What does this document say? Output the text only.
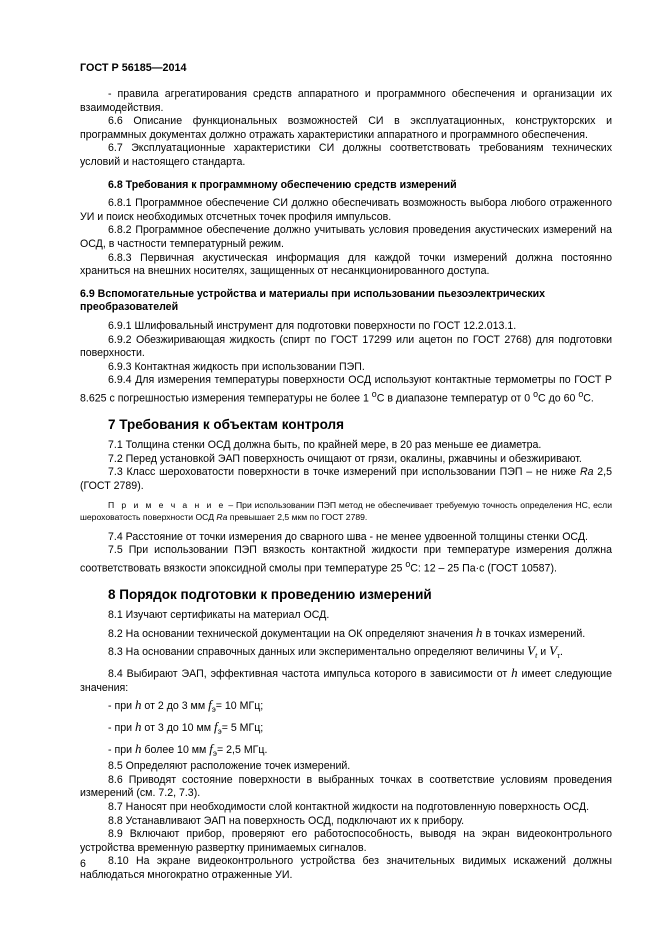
ГОСТ Р 56185—2014

- правила агрегатирования средств аппаратного и программного обеспечения и организации их взаимодействия.

6.6 Описание функциональных возможностей СИ в эксплуатационных, конструкторских и программных документах должно отражать характеристики аппаратного и программного обеспечения.

6.7 Эксплуатационные характеристики СИ должны соответствовать требованиям технических условий и настоящего стандарта.

6.8 Требования к программному обеспечению средств измерений

6.8.1 Программное обеспечение СИ должно обеспечивать возможность выбора любого отраженного УИ и поиск необходимых отсчетных точек профиля импульсов.

6.8.2 Программное обеспечение должно учитывать условия проведения акустических измерений на ОСД, в частности температурный режим.

6.8.3 Первичная акустическая информация для каждой точки измерений должна постоянно храниться на внешних носителях, защищенных от несанкционированного доступа.

6.9 Вспомогательные устройства и материалы при использовании пьезоэлектрических преобразователей

6.9.1 Шлифовальный инструмент для подготовки поверхности по ГОСТ 12.2.013.1.

6.9.2 Обезжиривающая жидкость (спирт по ГОСТ 17299 или ацетон по ГОСТ 2768) для подготовки поверхности.

6.9.3 Контактная жидкость при использовании ПЭП.

6.9.4 Для измерения температуры поверхности ОСД используют контактные термометры по ГОСТ Р 8.625 с погрешностью измерения температуры не более 1 $^о$С в диапазоне температур от 0 $^о$С до 60 $^о$С.

7 Требования к объектам контроля

7.1 Толщина стенки ОСД должна быть, по крайней мере, в 20 раз меньше ее диаметра.

7.2 Перед установкой ЭАП поверхность очищают от грязи, окалины, ржавчины и обезжиривают.

7.3 Класс шероховатости поверхности в точке измерений при использовании ПЭП – не ниже Ra 2,5 (ГОСТ 2789).

П р и м е ч а н и е – При использовании ПЭП метод не обеспечивает требуемую точность определения НС, если шероховатость поверхности ОСД Ra превышает 2,5 мкм по ГОСТ 2789.

7.4 Расстояние от точки измерения до сварного шва - не менее удвоенной толщины стенки ОСД.

7.5 При использовании ПЭП вязкость контактной жидкости при температуре измерения должна соответствовать вязкости эпоксидной смолы при температуре 25 $^о$С: 12 – 25 Па·с (ГОСТ 10587).

8 Порядок подготовки к проведению измерений

8.1 Изучают сертификаты на материал ОСД.

8.2 На основании технической документации на ОК определяют значения h в точках измерений.

8.3 На основании справочных данных или экспериментально определяют величины $V_t$ и $V_\tau$.

8.4 Выбирают ЭАП, эффективная частота импульса которого в зависимости от h имеет следующие значения:

- при h от 2 до 3 мм $f_э= 10$ МГц;

- при h от 3 до 10 мм $f_э= 5$ МГц;

- при h более 10 мм $f_э= 2,5$ МГц.

8.5 Определяют расположение точек измерений.

8.6 Приводят состояние поверхности в выбранных точках в соответствие условиям проведения измерений (см. 7.2, 7.3).

8.7 Наносят при необходимости слой контактной жидкости на подготовленную поверхность ОСД.

8.8 Устанавливают ЭАП на поверхность ОСД, подключают их к прибору.

8.9 Включают прибор, проверяют его работоспособность, выводя на экран видеоконтрольного устройства временную развертку принимаемых сигналов.

8.10 На экране видеоконтрольного устройства без значительных видимых искажений должны наблюдаться многократно отраженные УИ.

6
